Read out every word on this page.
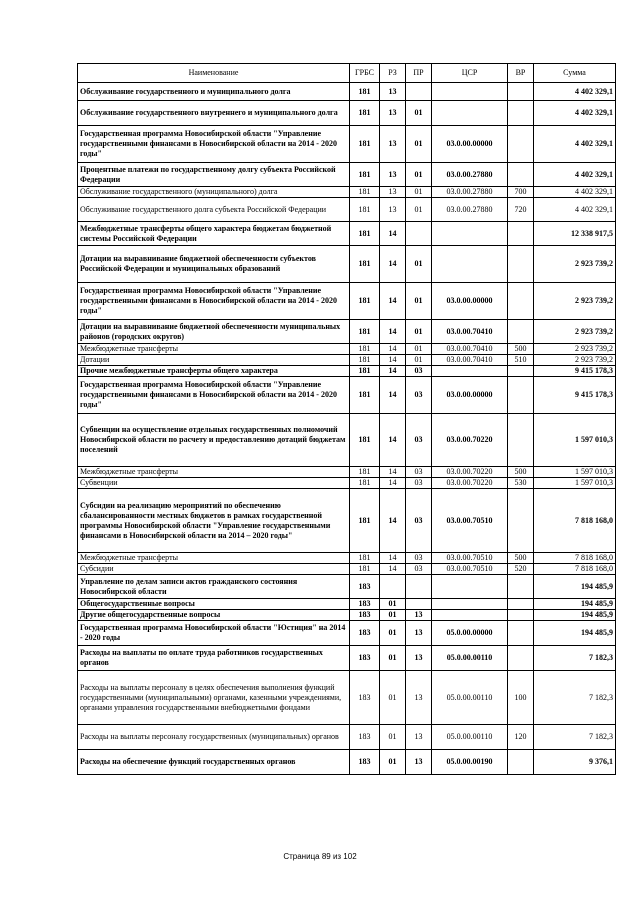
Наименование	ГРБС	РЗ	ПР	ЦСР	ВР	Сумма
Обслуживание государственного и муниципального долга	181	13				4 402 329,1
Обслуживание государственного внутреннего и муниципального долга	181	13	01			4 402 329,1
Государственная программа Новосибирской области "Управление государственными финансами в Новосибирской области на 2014 - 2020 годы"	181	13	01	03.0.00.00000		4 402 329,1
Процентные платежи по государственному долгу субъекта Российской Федерации	181	13	01	03.0.00.27880		4 402 329,1
Обслуживание государственного (муниципального) долга	181	13	01	03.0.00.27880	700	4 402 329,1
Обслуживание государственного долга субъекта Российской Федерации	181	13	01	03.0.00.27880	720	4 402 329,1
Межбюджетные трансферты общего характера бюджетам бюджетной системы Российской Федерации	181	14				12 338 917,5
Дотации на выравнивание бюджетной обеспеченности субъектов Российской Федерации и муниципальных образований	181	14	01			2 923 739,2
Государственная программа Новосибирской области "Управление государственными финансами в Новосибирской области на 2014 - 2020 годы"	181	14	01	03.0.00.00000		2 923 739,2
Дотации на выравнивание бюджетной обеспеченности муниципальных районов (городских округов)	181	14	01	03.0.00.70410		2 923 739,2
Межбюджетные трансферты	181	14	01	03.0.00.70410	500	2 923 739,2
Дотации	181	14	01	03.0.00.70410	510	2 923 739,2
Прочие межбюджетные трансферты общего характера	181	14	03			9 415 178,3
Государственная программа Новосибирской области "Управление государственными финансами в Новосибирской области на 2014 - 2020 годы"	181	14	03	03.0.00.00000		9 415 178,3
Субвенции на осуществление отдельных государственных полномочий Новосибирской области по расчету и предоставлению дотаций бюджетам поселений	181	14	03	03.0.00.70220		1 597 010,3
Межбюджетные трансферты	181	14	03	03.0.00.70220	500	1 597 010,3
Субвенции	181	14	03	03.0.00.70220	530	1 597 010,3
Субсидии на реализацию мероприятий по обеспечению сбалансированности местных бюджетов в рамках государственной программы Новосибирской области "Управление государственными финансами в Новосибирской области на 2014 – 2020 годы"	181	14	03	03.0.00.70510		7 818 168,0
Межбюджетные трансферты	181	14	03	03.0.00.70510	500	7 818 168,0
Субсидии	181	14	03	03.0.00.70510	520	7 818 168,0
Управление по делам записи актов гражданского состояния Новосибирской области	183					194 485,9
Общегосударственные вопросы	183	01				194 485,9
Другие общегосударственные вопросы	183	01	13			194 485,9
Государственная программа Новосибирской области "Юстиция" на 2014 - 2020 годы	183	01	13	05.0.00.00000		194 485,9
Расходы на выплаты по оплате труда работников государственных органов	183	01	13	05.0.00.00110		7 182,3
Расходы на выплаты персоналу в целях обеспечения выполнения функций государственными (муниципальными) органами, казенными учреждениями, органами управления государственными внебюджетными фондами	183	01	13	05.0.00.00110	100	7 182,3
Расходы на выплаты персоналу государственных (муниципальных) органов	183	01	13	05.0.00.00110	120	7 182,3
Расходы на обеспечение функций государственных органов	183	01	13	05.0.00.00190		9 376,1
Страница 89 из 102
